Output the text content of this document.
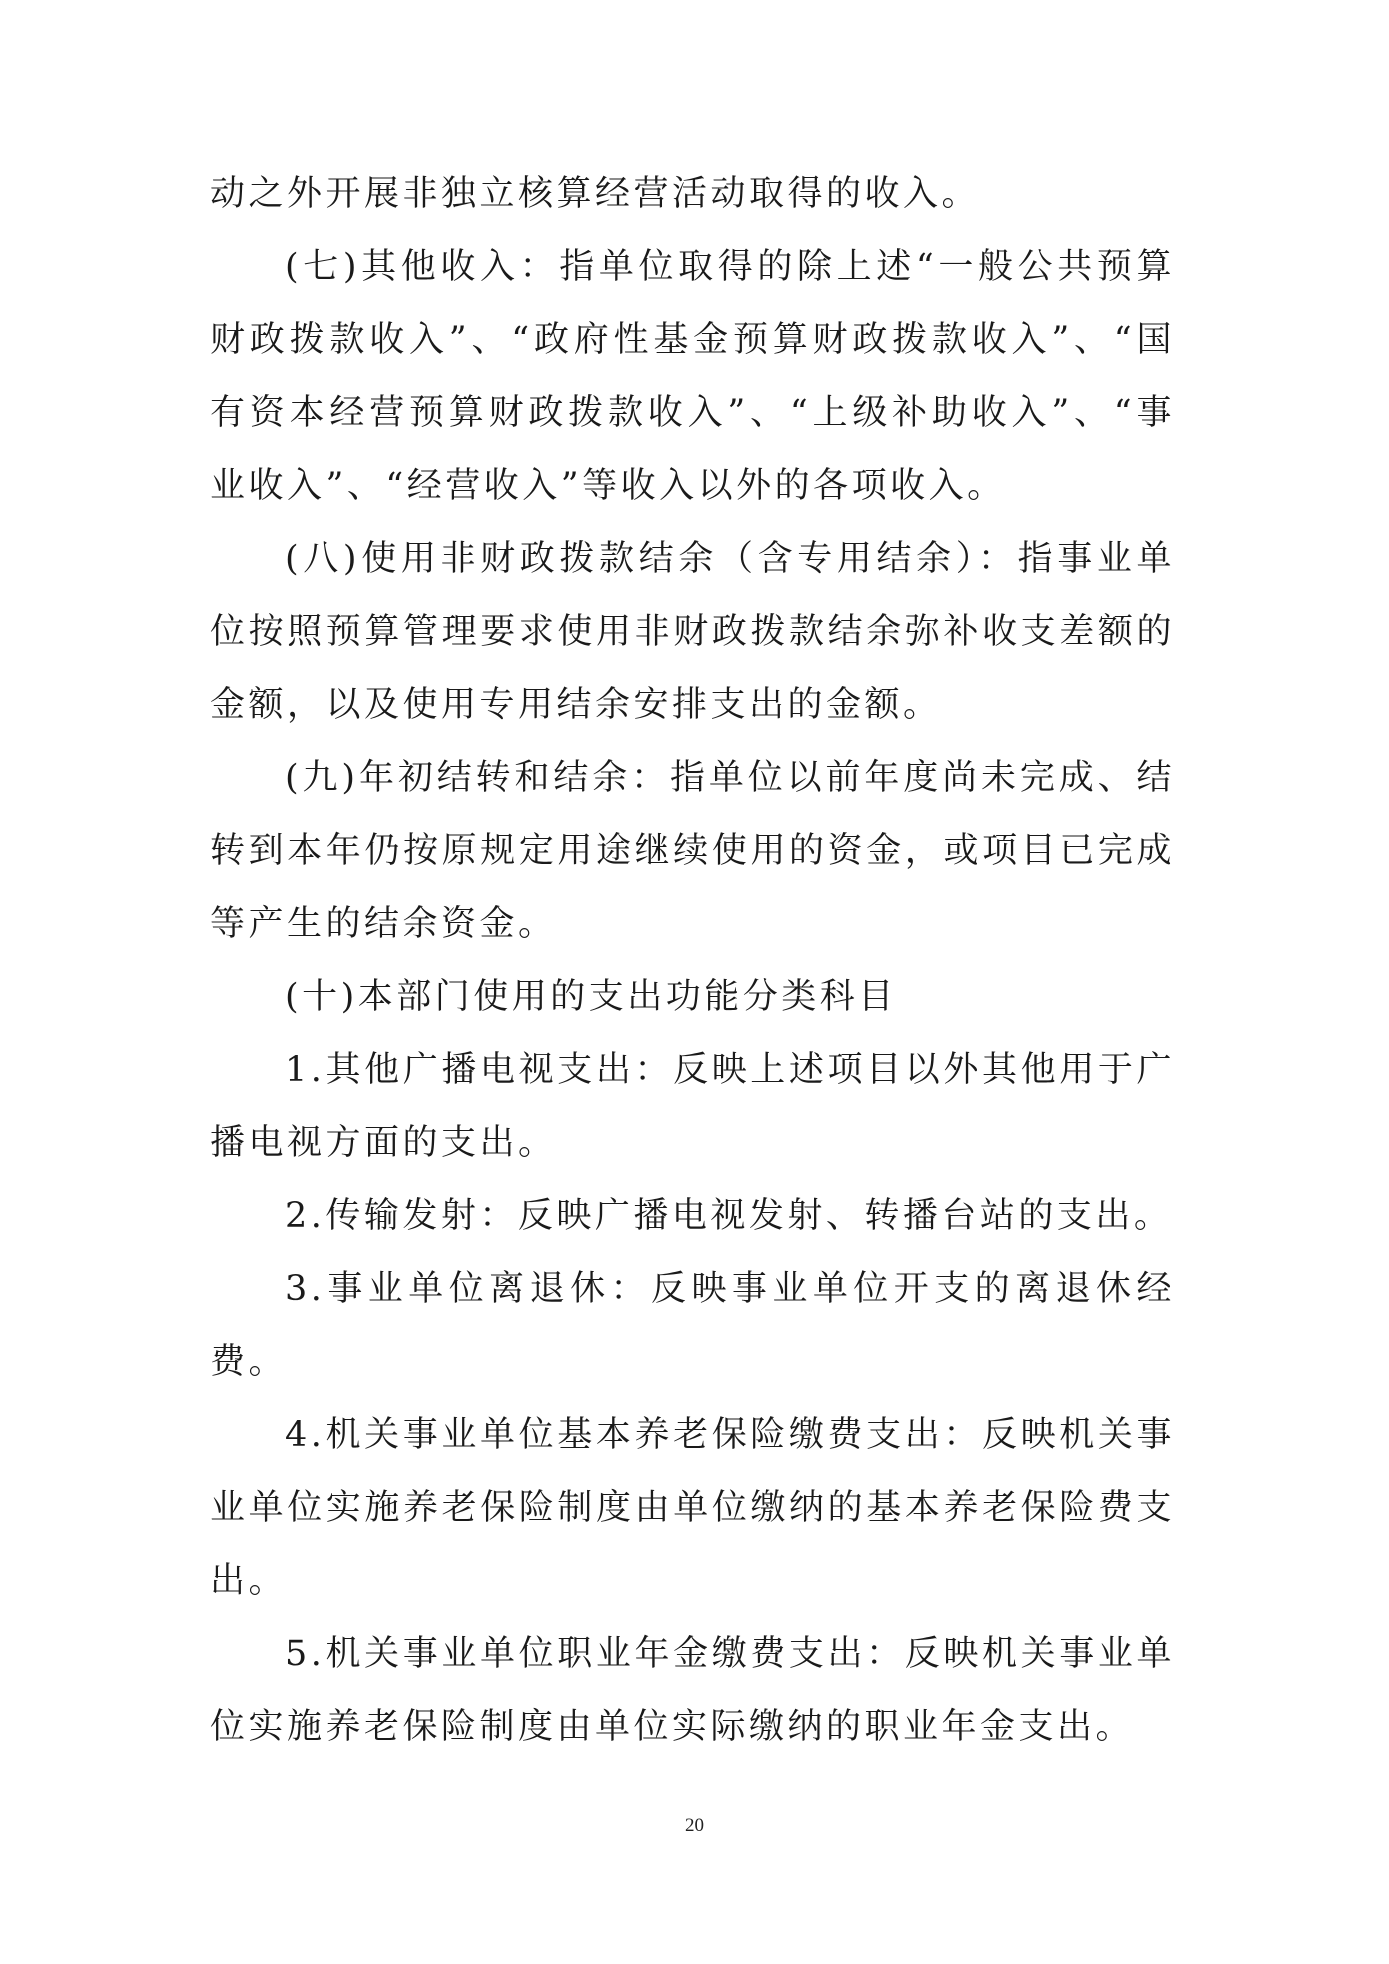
动之外开展非独立核算经营活动取得的收入。

(七)其他收入：指单位取得的除上述“一般公共预算财政拨款收入”、“政府性基金预算财政拨款收入”、“国有资本经营预算财政拨款收入”、“上级补助收入”、“事业收入”、“经营收入”等收入以外的各项收入。

(八)使用非财政拨款结余（含专用结余）：指事业单位按照预算管理要求使用非财政拨款结余弥补收支差额的金额，以及使用专用结余安排支出的金额。

(九)年初结转和结余：指单位以前年度尚未完成、结转到本年仍按原规定用途继续使用的资金，或项目已完成等产生的结余资金。

(十)本部门使用的支出功能分类科目

1.其他广播电视支出：反映上述项目以外其他用于广播电视方面的支出。

2.传输发射：反映广播电视发射、转播台站的支出。

3.事业单位离退休：反映事业单位开支的离退休经费。

4.机关事业单位基本养老保险缴费支出：反映机关事业单位实施养老保险制度由单位缴纳的基本养老保险费支出。

5.机关事业单位职业年金缴费支出：反映机关事业单位实施养老保险制度由单位实际缴纳的职业年金支出。

20
